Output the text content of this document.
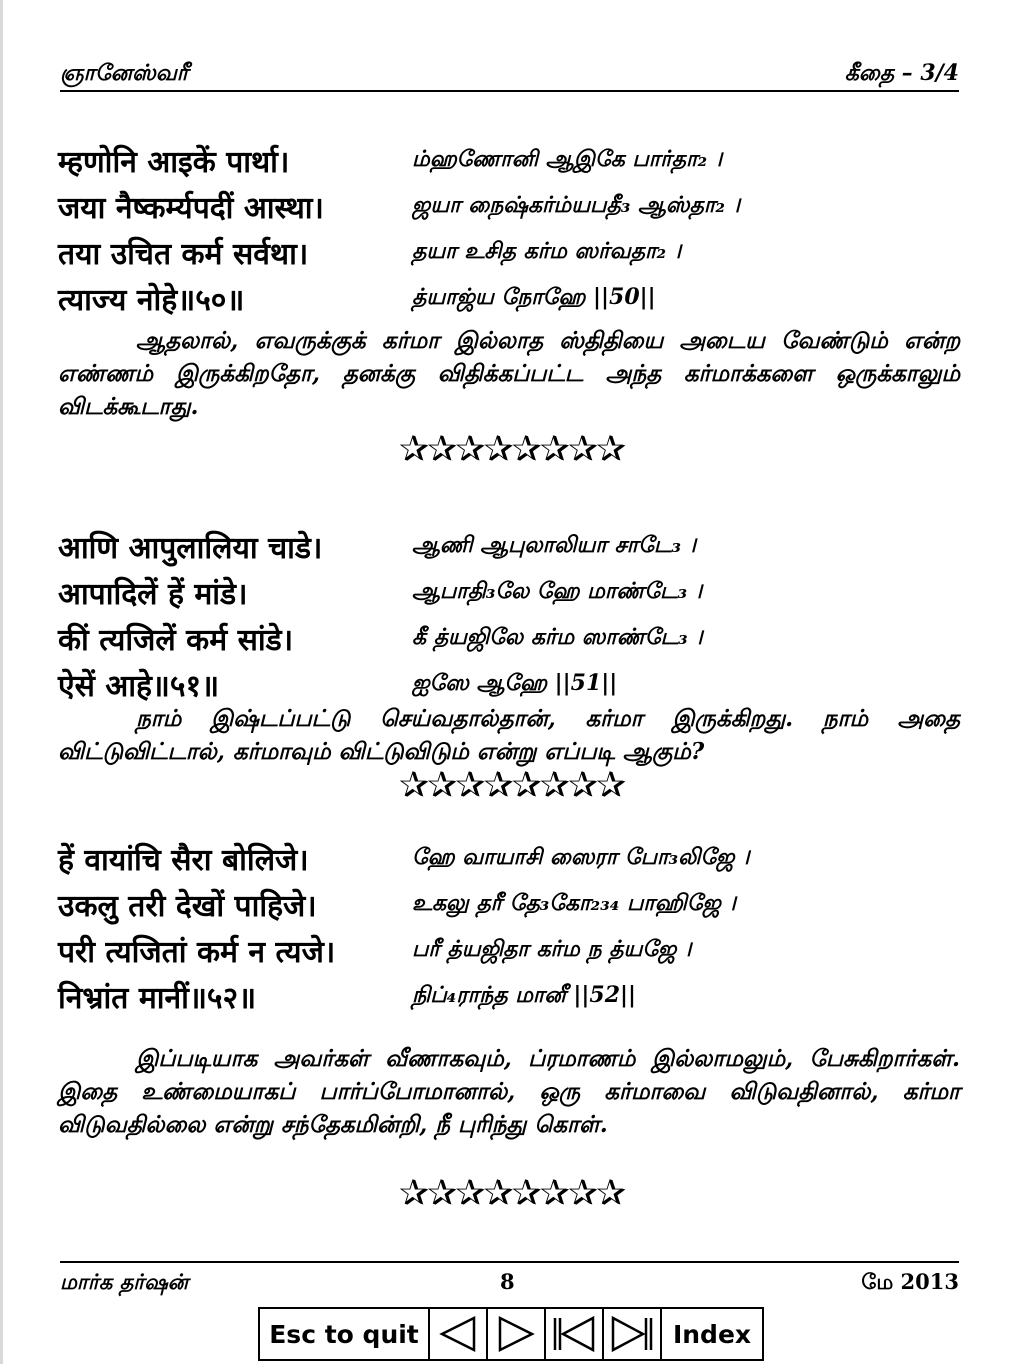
ஞானேஸ்வரீ	கீதை – 3/4
म्हणोनि आइकें पार्था।	ம்ஹணோனி ஆஇகே பார்தா₂ ।
जया नैष्कर्म्यपदीं आस्था।	ஜயா நைஷ்கர்ம்யபதீ₃ ஆஸ்தா₂ ।
तया उचित कर्म सर्वथा।	தயா உசித கர்ம ஸர்வதா₂ ।
त्याज्य नोहे॥५०॥	த்யாஜ்ய நோஹே ||50||
ஆதலால், எவருக்குக் கர்மா இல்லாத ஸ்திதியை அடைய வேண்டும் என்ற எண்ணம் இருக்கிறதோ, தனக்கு விதிக்கப்பட்ட அந்த கர்மாக்களை ஒருக்காலும் விடக்கூடாது.
✰✰✰✰✰✰✰✰
आणि आपुलालिया चाडे।	ஆணி ஆபுலாலியா சாடே₃ ।
आपादिलें हें मांडे।	ஆபாதி₃லே ஹே மாண்டே₃ ।
कीं त्यजिलें कर्म सांडे।	கீ த்யஜிலே கர்ம ஸாண்டே₃ ।
ऐसें आहे॥५१॥	ஐஸே ஆஹே ||51||
நாம் இஷ்டப்பட்டு செய்வதால்தான், கர்மா இருக்கிறது. நாம் அதை விட்டுவிட்டால், கர்மாவும் விட்டுவிடும் என்று எப்படி ஆகும்?
✰✰✰✰✰✰✰✰
हें वायांचि सैरा बोलिजे।	ஹே வாயாசி ஸைரா போ₃லிஜே ।
उकलु तरी देखों पाहिजे।	உகலு தரீ தே₃கோ₂₃₄ பாஹிஜே ।
परी त्यजितां कर्म न त्यजे।	பரீ த்யஜிதா கர்ம ந த்யஜே ।
निभ्रांत मानीं॥५२॥	நிப்₄ராந்த மானீ ||52||
இப்படியாக அவர்கள் வீணாகவும், ப்ரமாணம் இல்லாமலும், பேசுகிறார்கள். இதை உண்மையாகப் பார்ப்போமானால், ஒரு கர்மாவை விடுவதினால், கர்மா விடுவதில்லை என்று சந்தேகமின்றி, நீ புரிந்து கொள்.
✰✰✰✰✰✰✰✰
மார்க தர்ஷன்	8	மே 2013
Esc to quit	Index
